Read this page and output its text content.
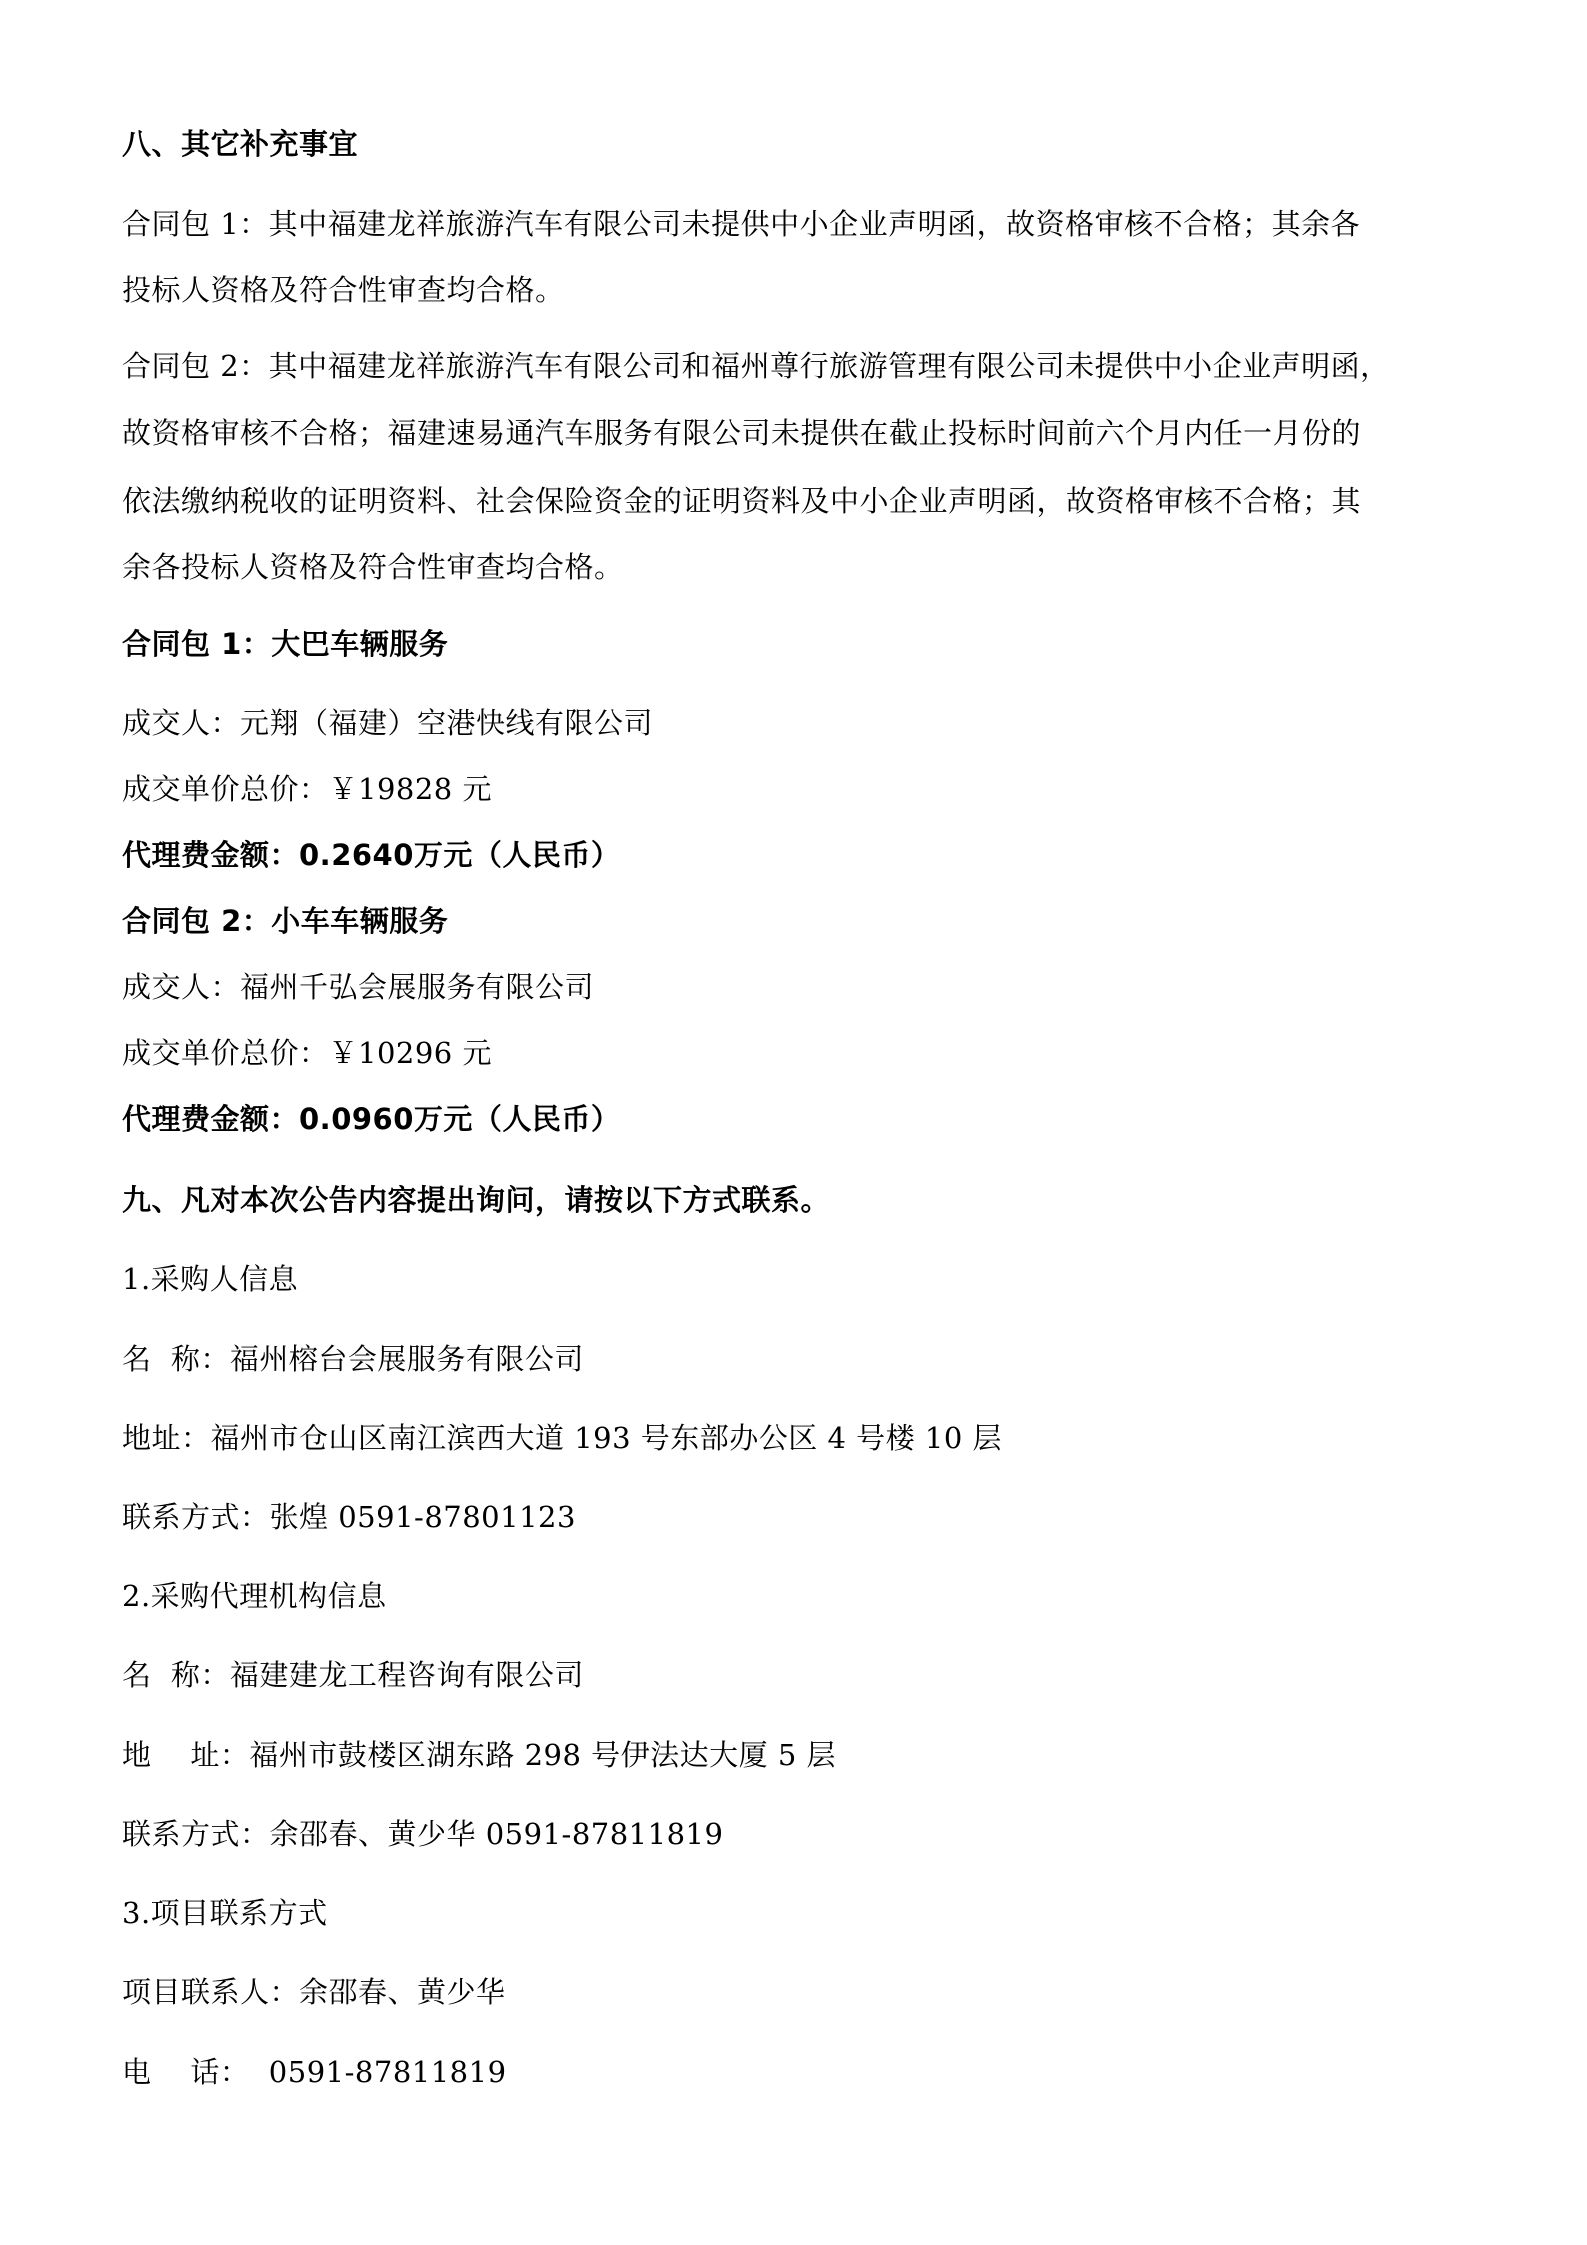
八、其它补充事宜
合同包 1：其中福建龙祥旅游汽车有限公司未提供中小企业声明函，故资格审核不合格；其余各
投标人资格及符合性审查均合格。
合同包 2：其中福建龙祥旅游汽车有限公司和福州尊行旅游管理有限公司未提供中小企业声明函，
故资格审核不合格；福建速易通汽车服务有限公司未提供在截止投标时间前六个月内任一月份的
依法缴纳税收的证明资料、社会保险资金的证明资料及中小企业声明函，故资格审核不合格；其
余各投标人资格及符合性审查均合格。
合同包 1：大巴车辆服务
成交人：元翔（福建）空港快线有限公司
成交单价总价：￥19828 元
代理费金额：0.2640万元（人民币）
合同包 2：小车车辆服务
成交人：福州千弘会展服务有限公司
成交单价总价：￥10296 元
代理费金额：0.0960万元（人民币）
九、凡对本次公告内容提出询问，请按以下方式联系。
1.采购人信息
名  称：福州榕台会展服务有限公司
地址：福州市仓山区南江滨西大道 193 号东部办公区 4 号楼 10 层
联系方式：张煌 0591-87801123
2.采购代理机构信息
名  称：福建建龙工程咨询有限公司
地    址：福州市鼓楼区湖东路 298 号伊法达大厦 5 层
联系方式：余邵春、黄少华 0591-87811819
3.项目联系方式
项目联系人：余邵春、黄少华
电    话：  0591-87811819
